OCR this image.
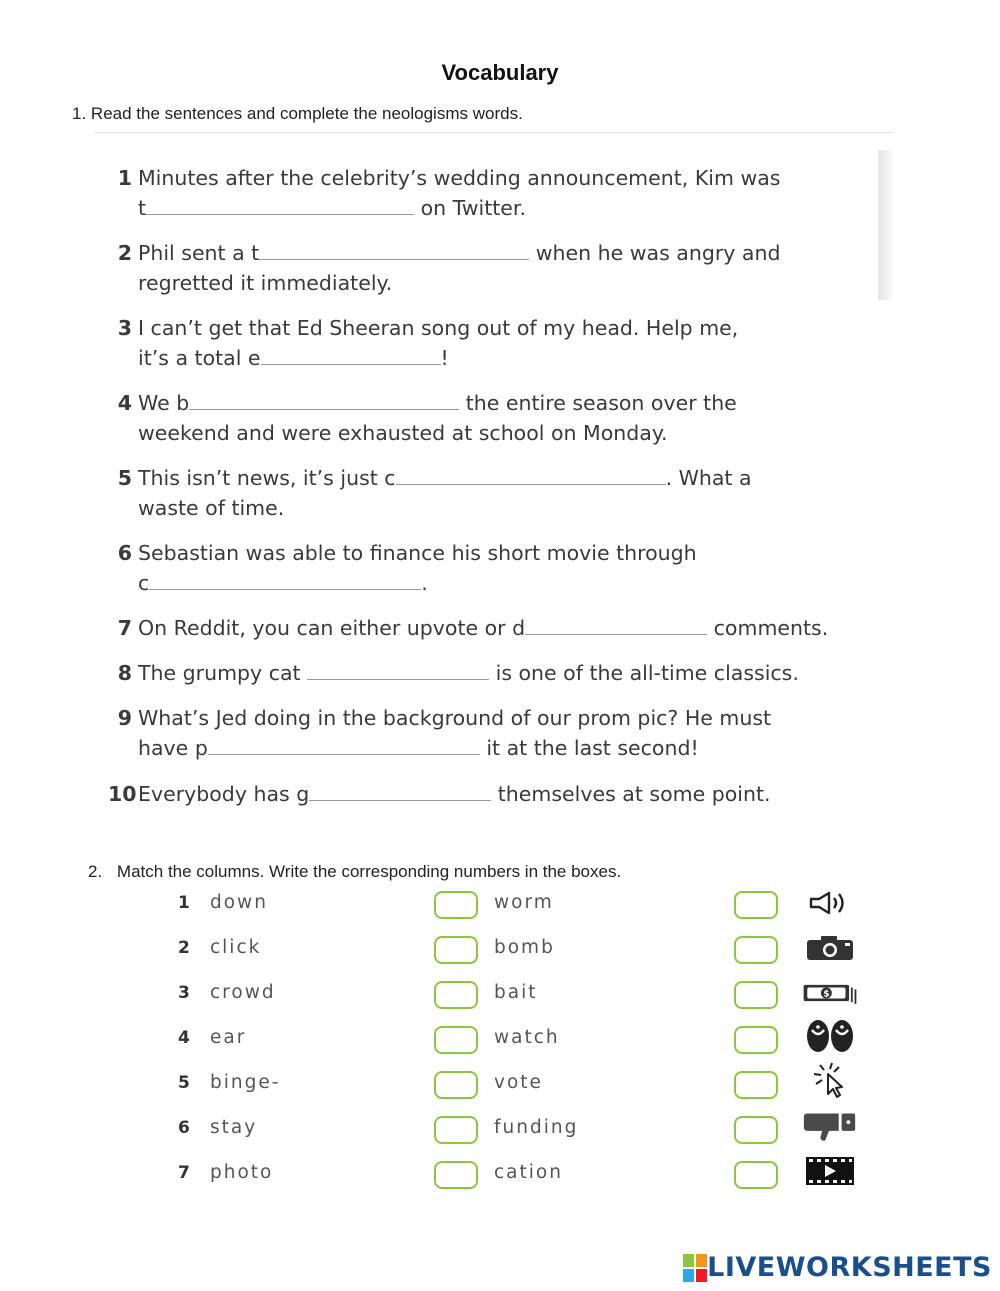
Vocabulary
1. Read the sentences and complete the neologisms words.
1 Minutes after the celebrity’s wedding announcement, Kim was
t	on Twitter.
2 Phil sent a t	when he was angry and
regretted it immediately.
3 I can’t get that Ed Sheeran song out of my head. Help me,
it’s a total e	!
4 We b	the entire season over the
weekend and were exhausted at school on Monday.
5 This isn’t news, it’s just c	. What a
waste of time.
6 Sebastian was able to finance his short movie through
c	.
7 On Reddit, you can either upvote or d	comments.
8 The grumpy cat	is one of the all-time classics.
9 What’s Jed doing in the background of our prom pic? He must
have p	it at the last second!
10 Everybody has g	themselves at some point.
2. Match the columns. Write the corresponding numbers in the boxes.
1	down	worm
2	click	bomb
3	crowd	bait	$
4	ear	watch
5	binge-	vote
6	stay	funding
7	photo	cation
LIVEWORKSHEETS
